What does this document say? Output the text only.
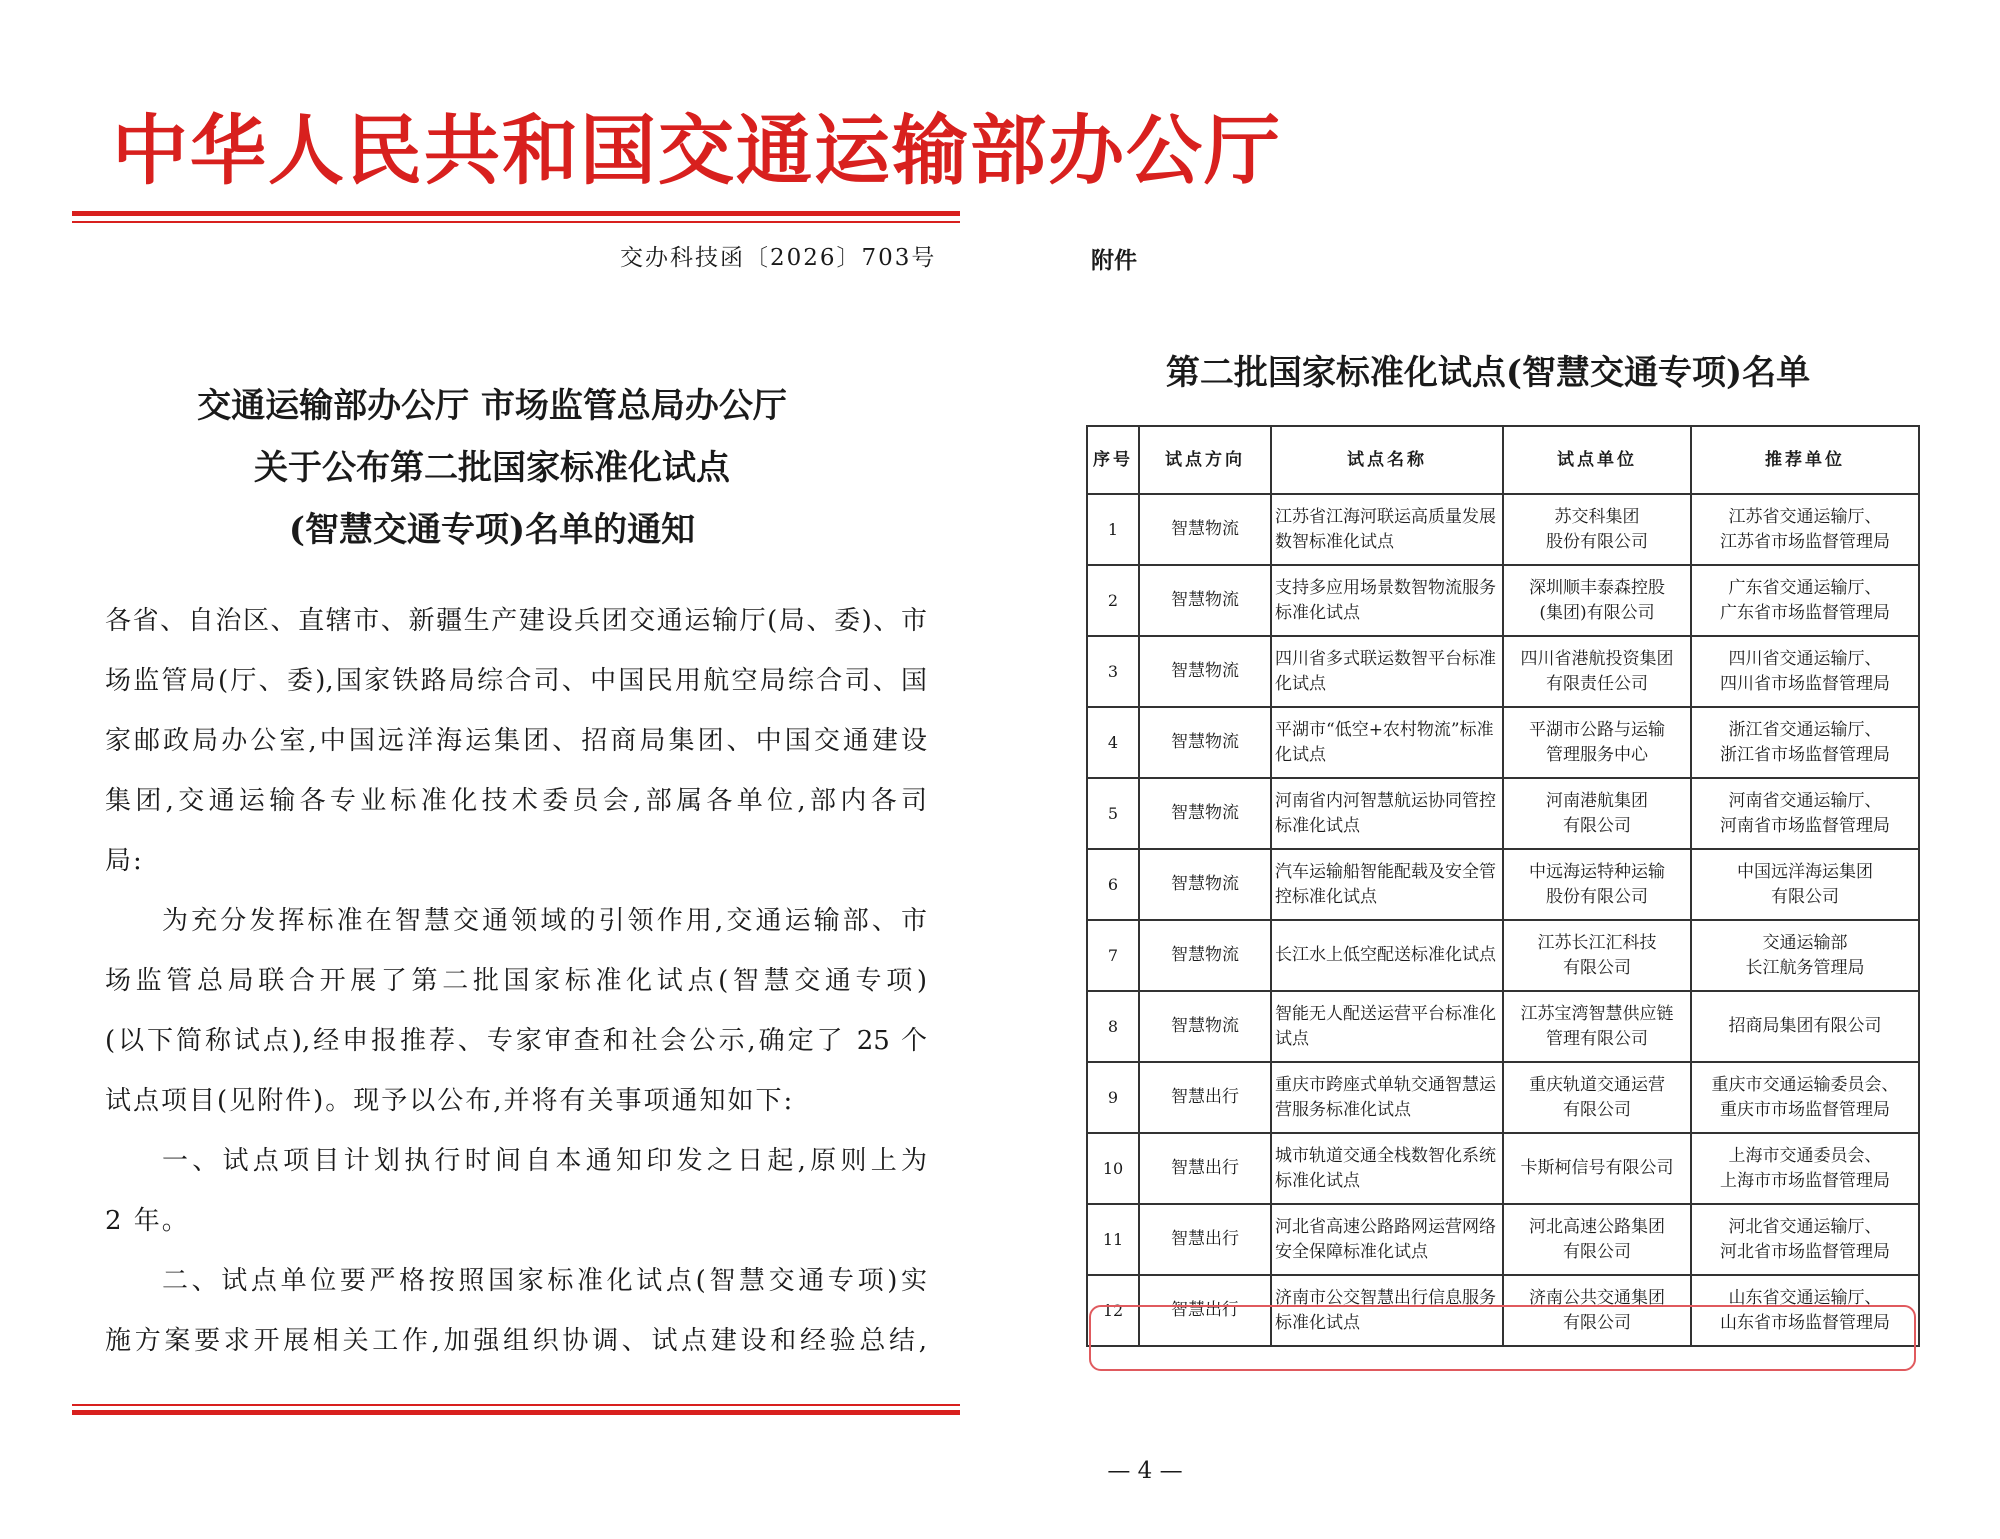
中华人民共和国交通运输部办公厅
交办科技函〔2026〕703号
交通运输部办公厅 市场监管总局办公厅
关于公布第二批国家标准化试点
(智慧交通专项)名单的通知
各省、自治区、直辖市、新疆生产建设兵团交通运输厅(局、委)、市
场监管局(厅、委),国家铁路局综合司、中国民用航空局综合司、国
家邮政局办公室,中国远洋海运集团、招商局集团、中国交通建设
集团,交通运输各专业标准化技术委员会,部属各单位,部内各司
局:
为充分发挥标准在智慧交通领域的引领作用,交通运输部、市
场监管总局联合开展了第二批国家标准化试点(智慧交通专项)
(以下简称试点),经申报推荐、专家审查和社会公示,确定了 25 个
试点项目(见附件)。现予以公布,并将有关事项通知如下:
一、试点项目计划执行时间自本通知印发之日起,原则上为
2 年。
二、试点单位要严格按照国家标准化试点(智慧交通专项)实
施方案要求开展相关工作,加强组织协调、试点建设和经验总结,
附件
第二批国家标准化试点(智慧交通专项)名单
序号	试点方向	试点名称	试点单位	推荐单位
1	智慧物流	江苏省江海河联运高质量发展数智标准化试点	苏交科集团
股份有限公司	江苏省交通运输厅、
江苏省市场监督管理局
2	智慧物流	支持多应用场景数智物流服务标准化试点	深圳顺丰泰森控股
(集团)有限公司	广东省交通运输厅、
广东省市场监督管理局
3	智慧物流	四川省多式联运数智平台标准化试点	四川省港航投资集团
有限责任公司	四川省交通运输厅、
四川省市场监督管理局
4	智慧物流	平湖市“低空+农村物流”标准化试点	平湖市公路与运输
管理服务中心	浙江省交通运输厅、
浙江省市场监督管理局
5	智慧物流	河南省内河智慧航运协同管控标准化试点	河南港航集团
有限公司	河南省交通运输厅、
河南省市场监督管理局
6	智慧物流	汽车运输船智能配载及安全管控标准化试点	中远海运特种运输
股份有限公司	中国远洋海运集团
有限公司
7	智慧物流	长江水上低空配送标准化试点	江苏长江汇科技
有限公司	交通运输部
长江航务管理局
8	智慧物流	智能无人配送运营平台标准化试点	江苏宝湾智慧供应链
管理有限公司	招商局集团有限公司
9	智慧出行	重庆市跨座式单轨交通智慧运营服务标准化试点	重庆轨道交通运营
有限公司	重庆市交通运输委员会、
重庆市市场监督管理局
10	智慧出行	城市轨道交通全栈数智化系统标准化试点	卡斯柯信号有限公司	上海市交通委员会、
上海市市场监督管理局
11	智慧出行	河北省高速公路路网运营网络安全保障标准化试点	河北高速公路集团
有限公司	河北省交通运输厅、
河北省市场监督管理局
12	智慧出行	济南市公交智慧出行信息服务标准化试点	济南公共交通集团
有限公司	山东省交通运输厅、
山东省市场监督管理局
— 4 —
